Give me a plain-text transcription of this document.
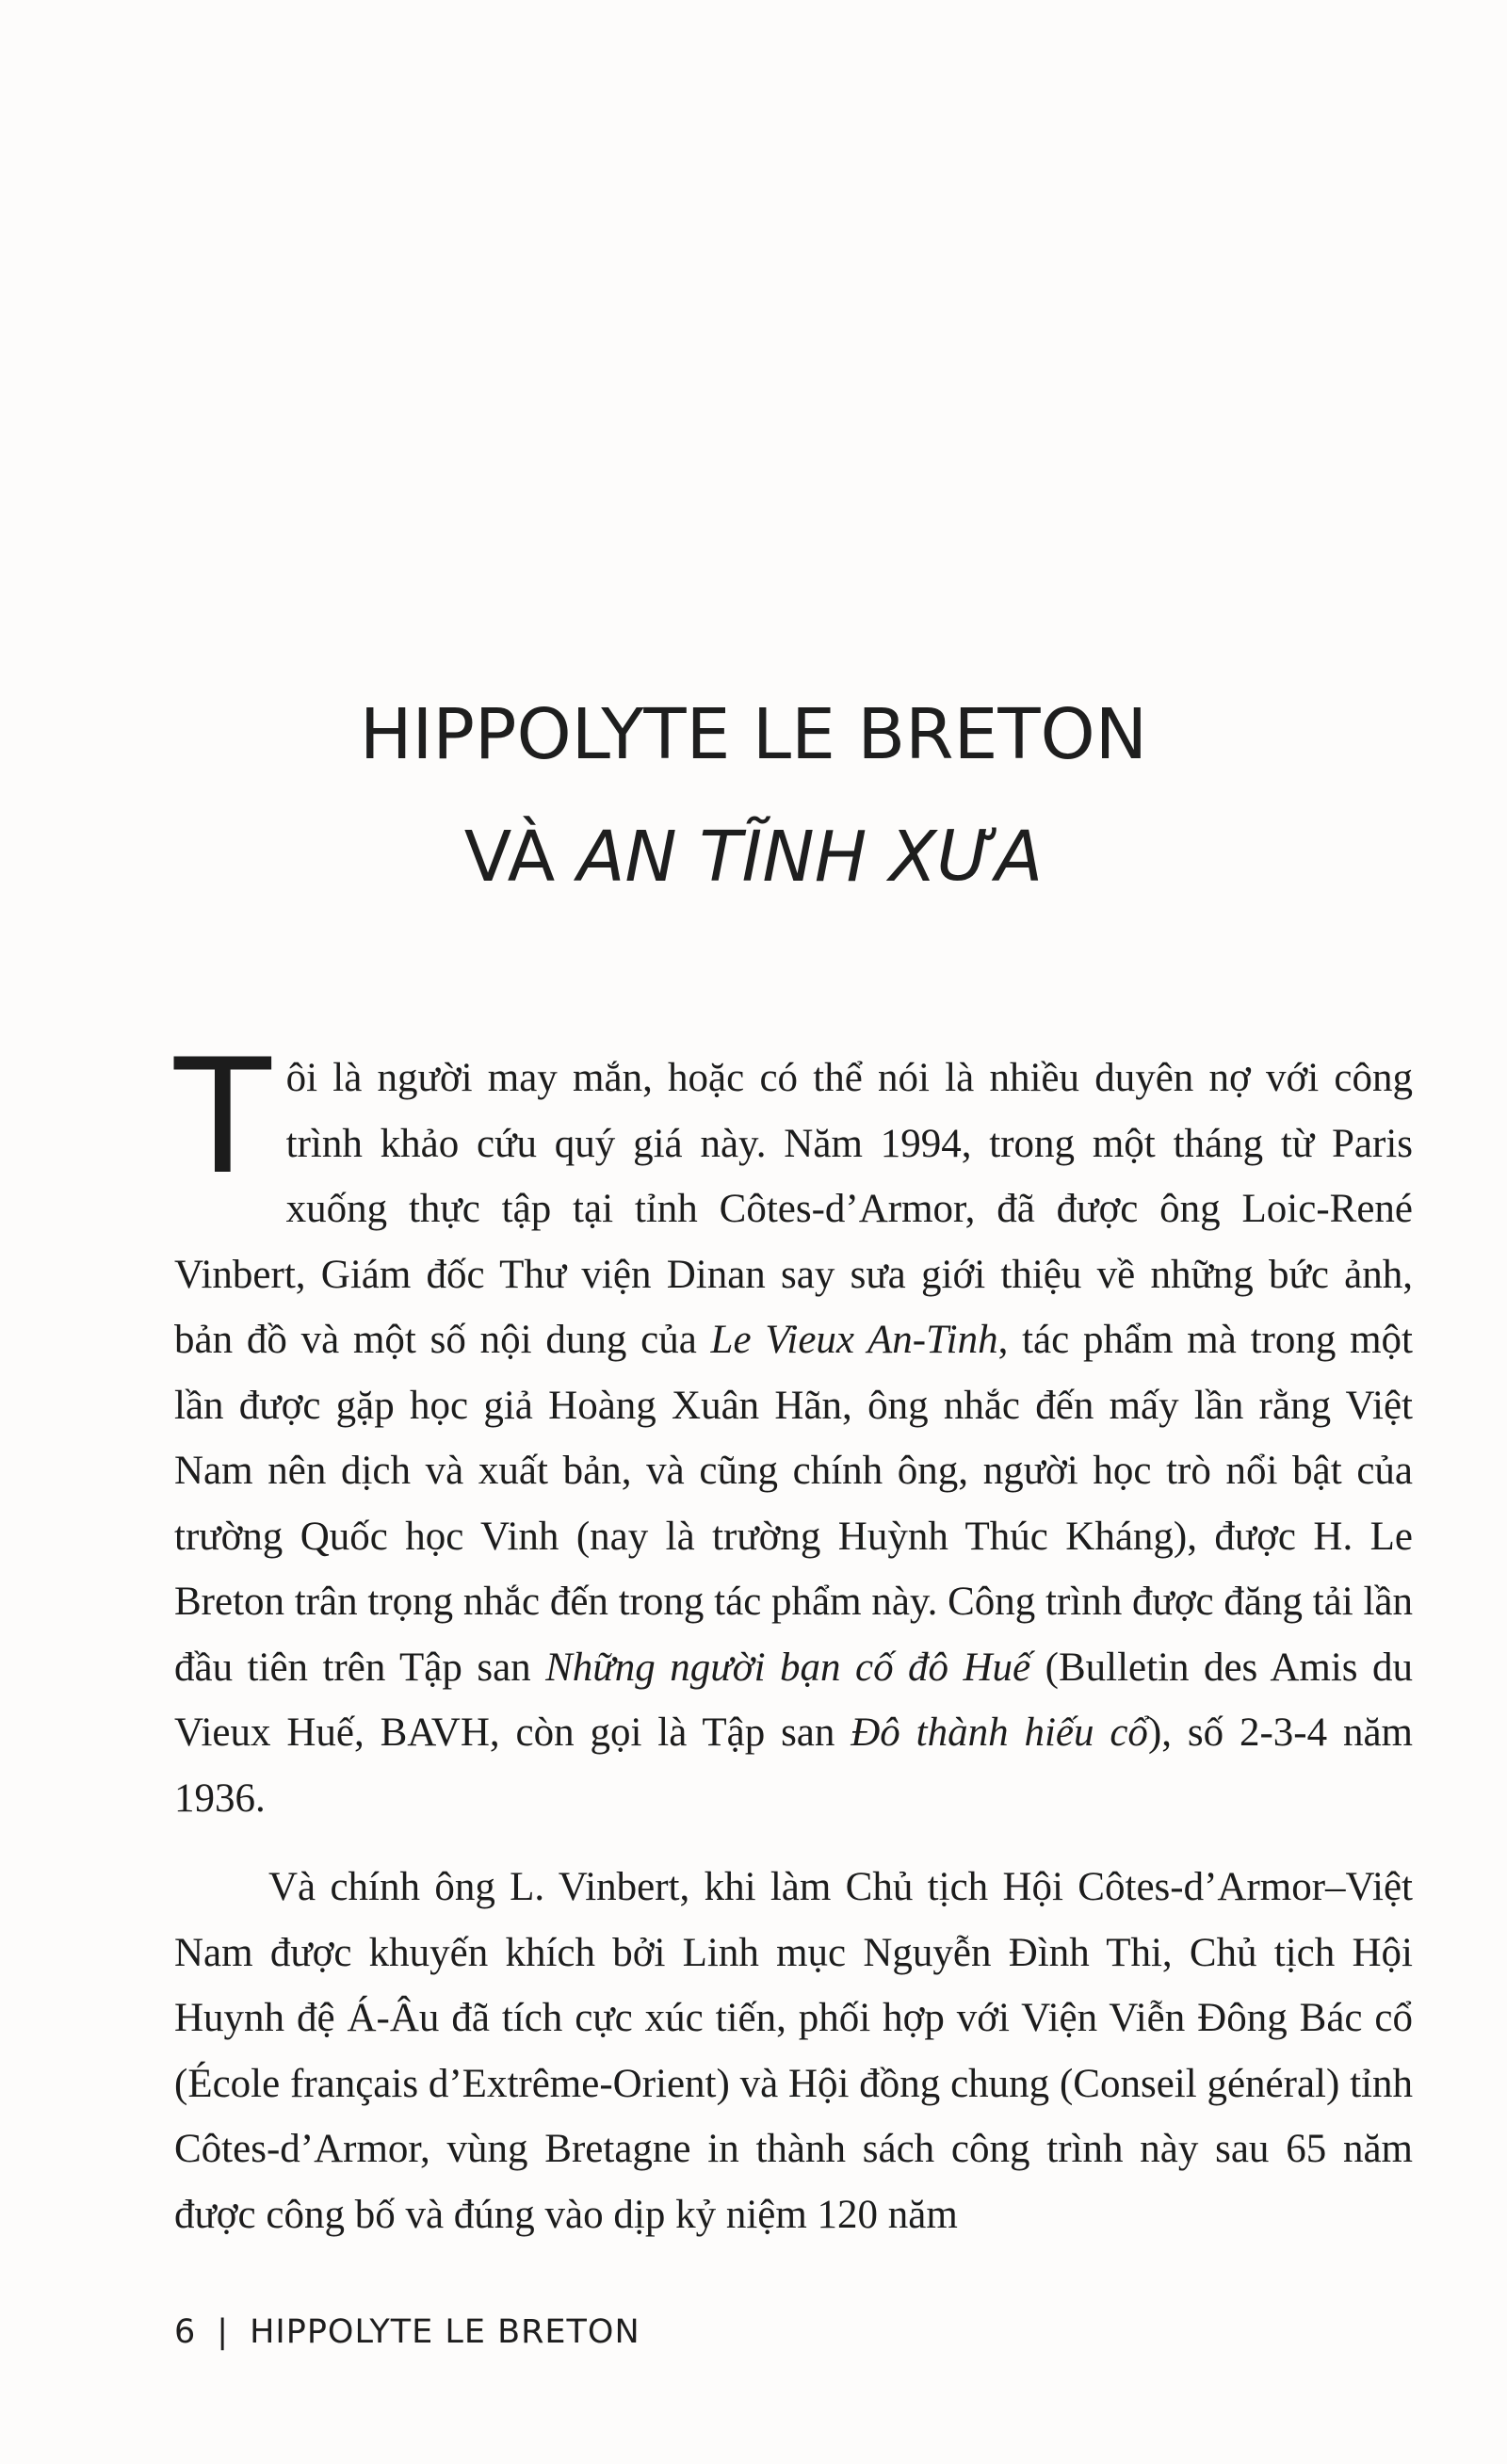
HIPPOLYTE LE BRETON
VÀ AN TĨNH XƯA

Tôi là người may mắn, hoặc có thể nói là nhiều duyên nợ với công trình khảo cứu quý giá này. Năm 1994, trong một tháng từ Paris xuống thực tập tại tỉnh Côtes-d’Armor, đã được ông Loic-René Vinbert, Giám đốc Thư viện Dinan say sưa giới thiệu về những bức ảnh, bản đồ và một số nội dung của Le Vieux An-Tinh, tác phẩm mà trong một lần được gặp học giả Hoàng Xuân Hãn, ông nhắc đến mấy lần rằng Việt Nam nên dịch và xuất bản, và cũng chính ông, người học trò nổi bật của trường Quốc học Vinh (nay là trường Huỳnh Thúc Kháng), được H. Le Breton trân trọng nhắc đến trong tác phẩm này. Công trình được đăng tải lần đầu tiên trên Tập san Những người bạn cố đô Huế (Bulletin des Amis du Vieux Huế, BAVH, còn gọi là Tập san Đô thành hiếu cổ), số 2-3-4 năm 1936.

Và chính ông L. Vinbert, khi làm Chủ tịch Hội Côtes-d’Armor–Việt Nam được khuyến khích bởi Linh mục Nguyễn Đình Thi, Chủ tịch Hội Huynh đệ Á-Âu đã tích cực xúc tiến, phối hợp với Viện Viễn Đông Bác cổ (École français d’Extrême-Orient) và Hội đồng chung (Conseil général) tỉnh Côtes-d’Armor, vùng Bretagne in thành sách công trình này sau 65 năm được công bố và đúng vào dịp kỷ niệm 120 năm

6 | HIPPOLYTE LE BRETON
